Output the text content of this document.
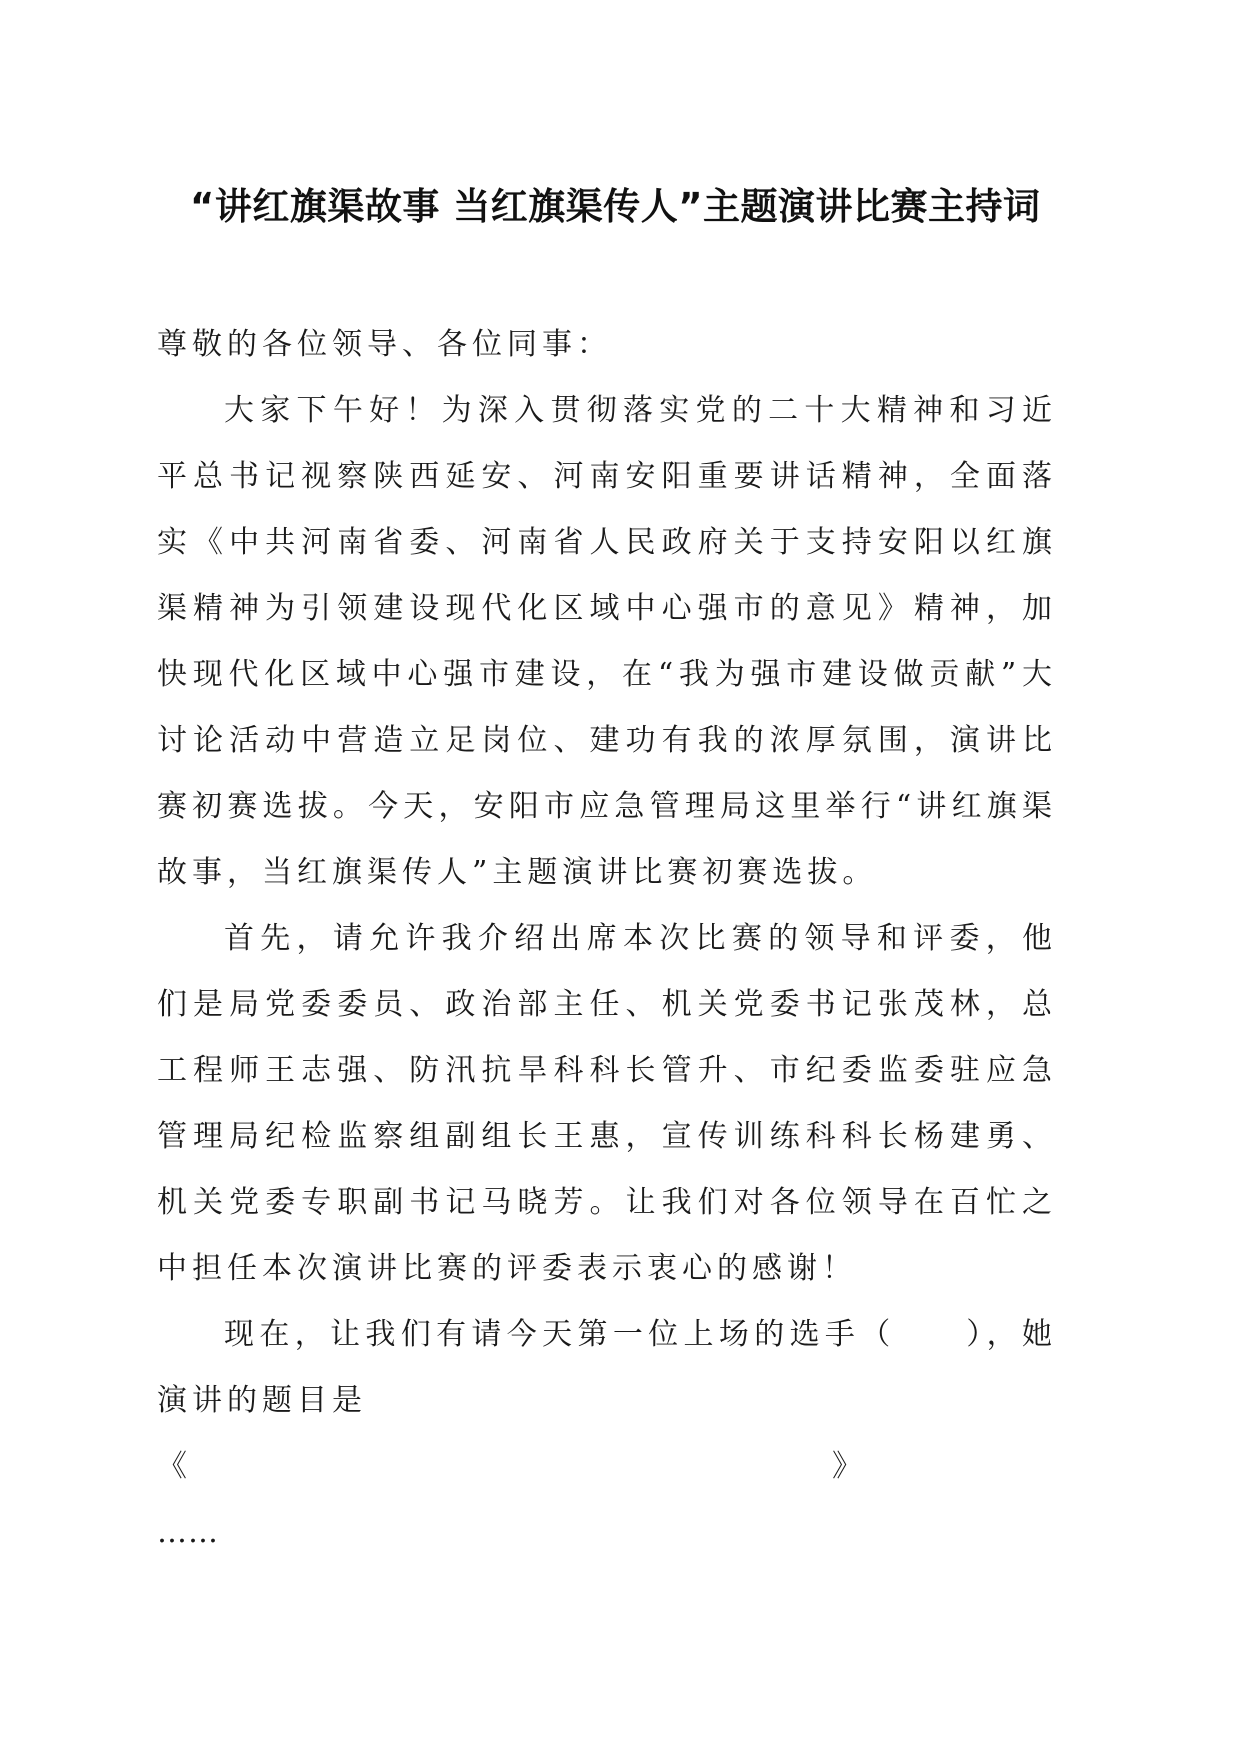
“讲红旗渠故事 当红旗渠传人”主题演讲比赛主持词

尊敬的各位领导、各位同事：

大家下午好！为深入贯彻落实党的二十大精神和习近平总书记视察陕西延安、河南安阳重要讲话精神，全面落实《中共河南省委、河南省人民政府关于支持安阳以红旗渠精神为引领建设现代化区域中心强市的意见》精神，加快现代化区域中心强市建设，在“我为强市建设做贡献”大讨论活动中营造立足岗位、建功有我的浓厚氛围，演讲比赛初赛选拔。今天，安阳市应急管理局这里举行“讲红旗渠故事，当红旗渠传人”主题演讲比赛初赛选拔。

首先，请允许我介绍出席本次比赛的领导和评委，他们是局党委委员、政治部主任、机关党委书记张茂林，总工程师王志强、防汛抗旱科科长管升、市纪委监委驻应急管理局纪检监察组副组长王惠，宣传训练科科长杨建勇、机关党委专职副书记马晓芳。让我们对各位领导在百忙之中担任本次演讲比赛的评委表示衷心的感谢！

现在，让我们有请今天第一位上场的选手（　　），她演讲的题目是

《	》

……
